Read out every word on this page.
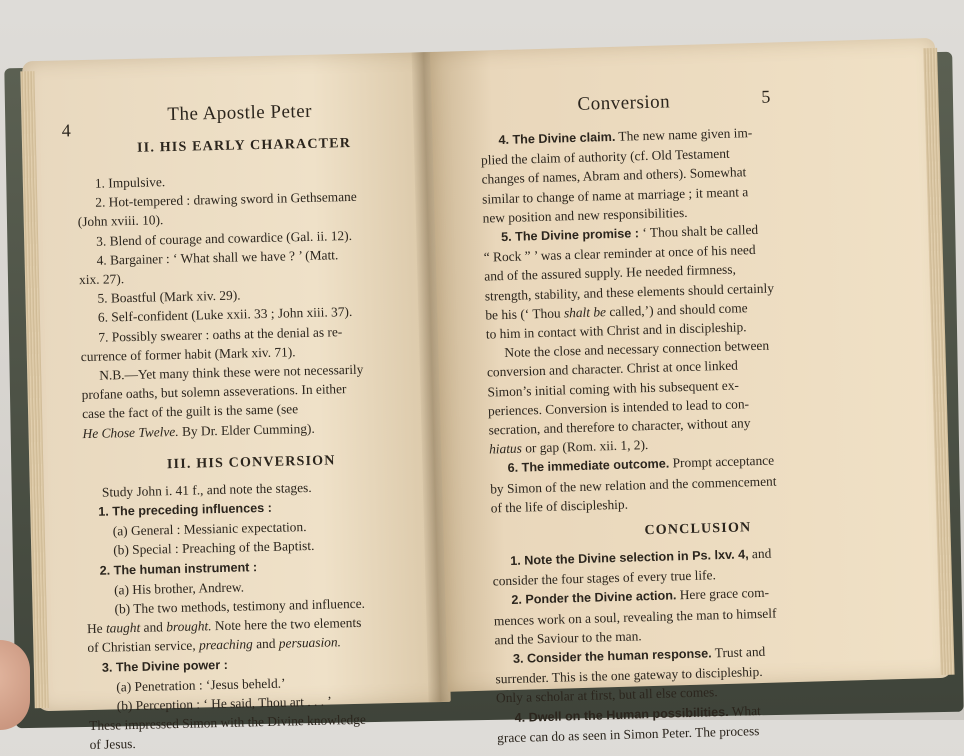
4
The Apostle Peter
II. HIS EARLY CHARACTER

1. Impulsive.

2. Hot-tempered : drawing sword in Gethsemane

(John xviii. 10).

3. Blend of courage and cowardice (Gal. ii. 12).

4. Bargainer : ‘ What shall we have ? ’ (Matt.

xix. 27).

5. Boastful (Mark xiv. 29).

6. Self-confident (Luke xxii. 33 ; John xiii. 37).

7. Possibly swearer : oaths at the denial as re-

currence of former habit (Mark xiv. 71).

N.B.—Yet many think these were not necessarily

profane oaths, but solemn asseverations. In either

case the fact of the guilt is the same (see

He Chose Twelve. By Dr. Elder Cumming).

III. HIS CONVERSION

Study John i. 41 f., and note the stages.

1. The preceding influences :

(a) General : Messianic expectation.

(b) Special : Preaching of the Baptist.

2. The human instrument :

(a) His brother, Andrew.

(b) The two methods, testimony and influence.

He taught and brought. Note here the two elements

of Christian service, preaching and persuasion.

3. The Divine power :

(a) Penetration : ‘Jesus beheld.’

(b) Perception : ‘ He said, Thou art . . . ’

These impressed Simon with the Divine knowledge

of Jesus.

Conversion	5

4. The Divine claim. The new name given im-

plied the claim of authority (cf. Old Testament

changes of names, Abram and others). Somewhat

similar to change of name at marriage ; it meant a

new position and new responsibilities.

5. The Divine promise : ‘ Thou shalt be called

“ Rock ” ’ was a clear reminder at once of his need

and of the assured supply. He needed firmness,

strength, stability, and these elements should certainly

be his (‘ Thou shalt be called,’) and should come

to him in contact with Christ and in discipleship.

Note the close and necessary connection between

conversion and character. Christ at once linked

Simon’s initial coming with his subsequent ex-

periences. Conversion is intended to lead to con-

secration, and therefore to character, without any

hiatus or gap (Rom. xii. 1, 2).

6. The immediate outcome. Prompt acceptance

by Simon of the new relation and the commencement

of the life of discipleship.

CONCLUSION

1. Note the Divine selection in Ps. lxv. 4, and

consider the four stages of every true life.

2. Ponder the Divine action. Here grace com-

mences work on a soul, revealing the man to himself

and the Saviour to the man.

3. Consider the human response. Trust and

surrender. This is the one gateway to discipleship.

Only a scholar at first, but all else comes.

4. Dwell on the Human possibilities. What

grace can do as seen in Simon Peter. The process
